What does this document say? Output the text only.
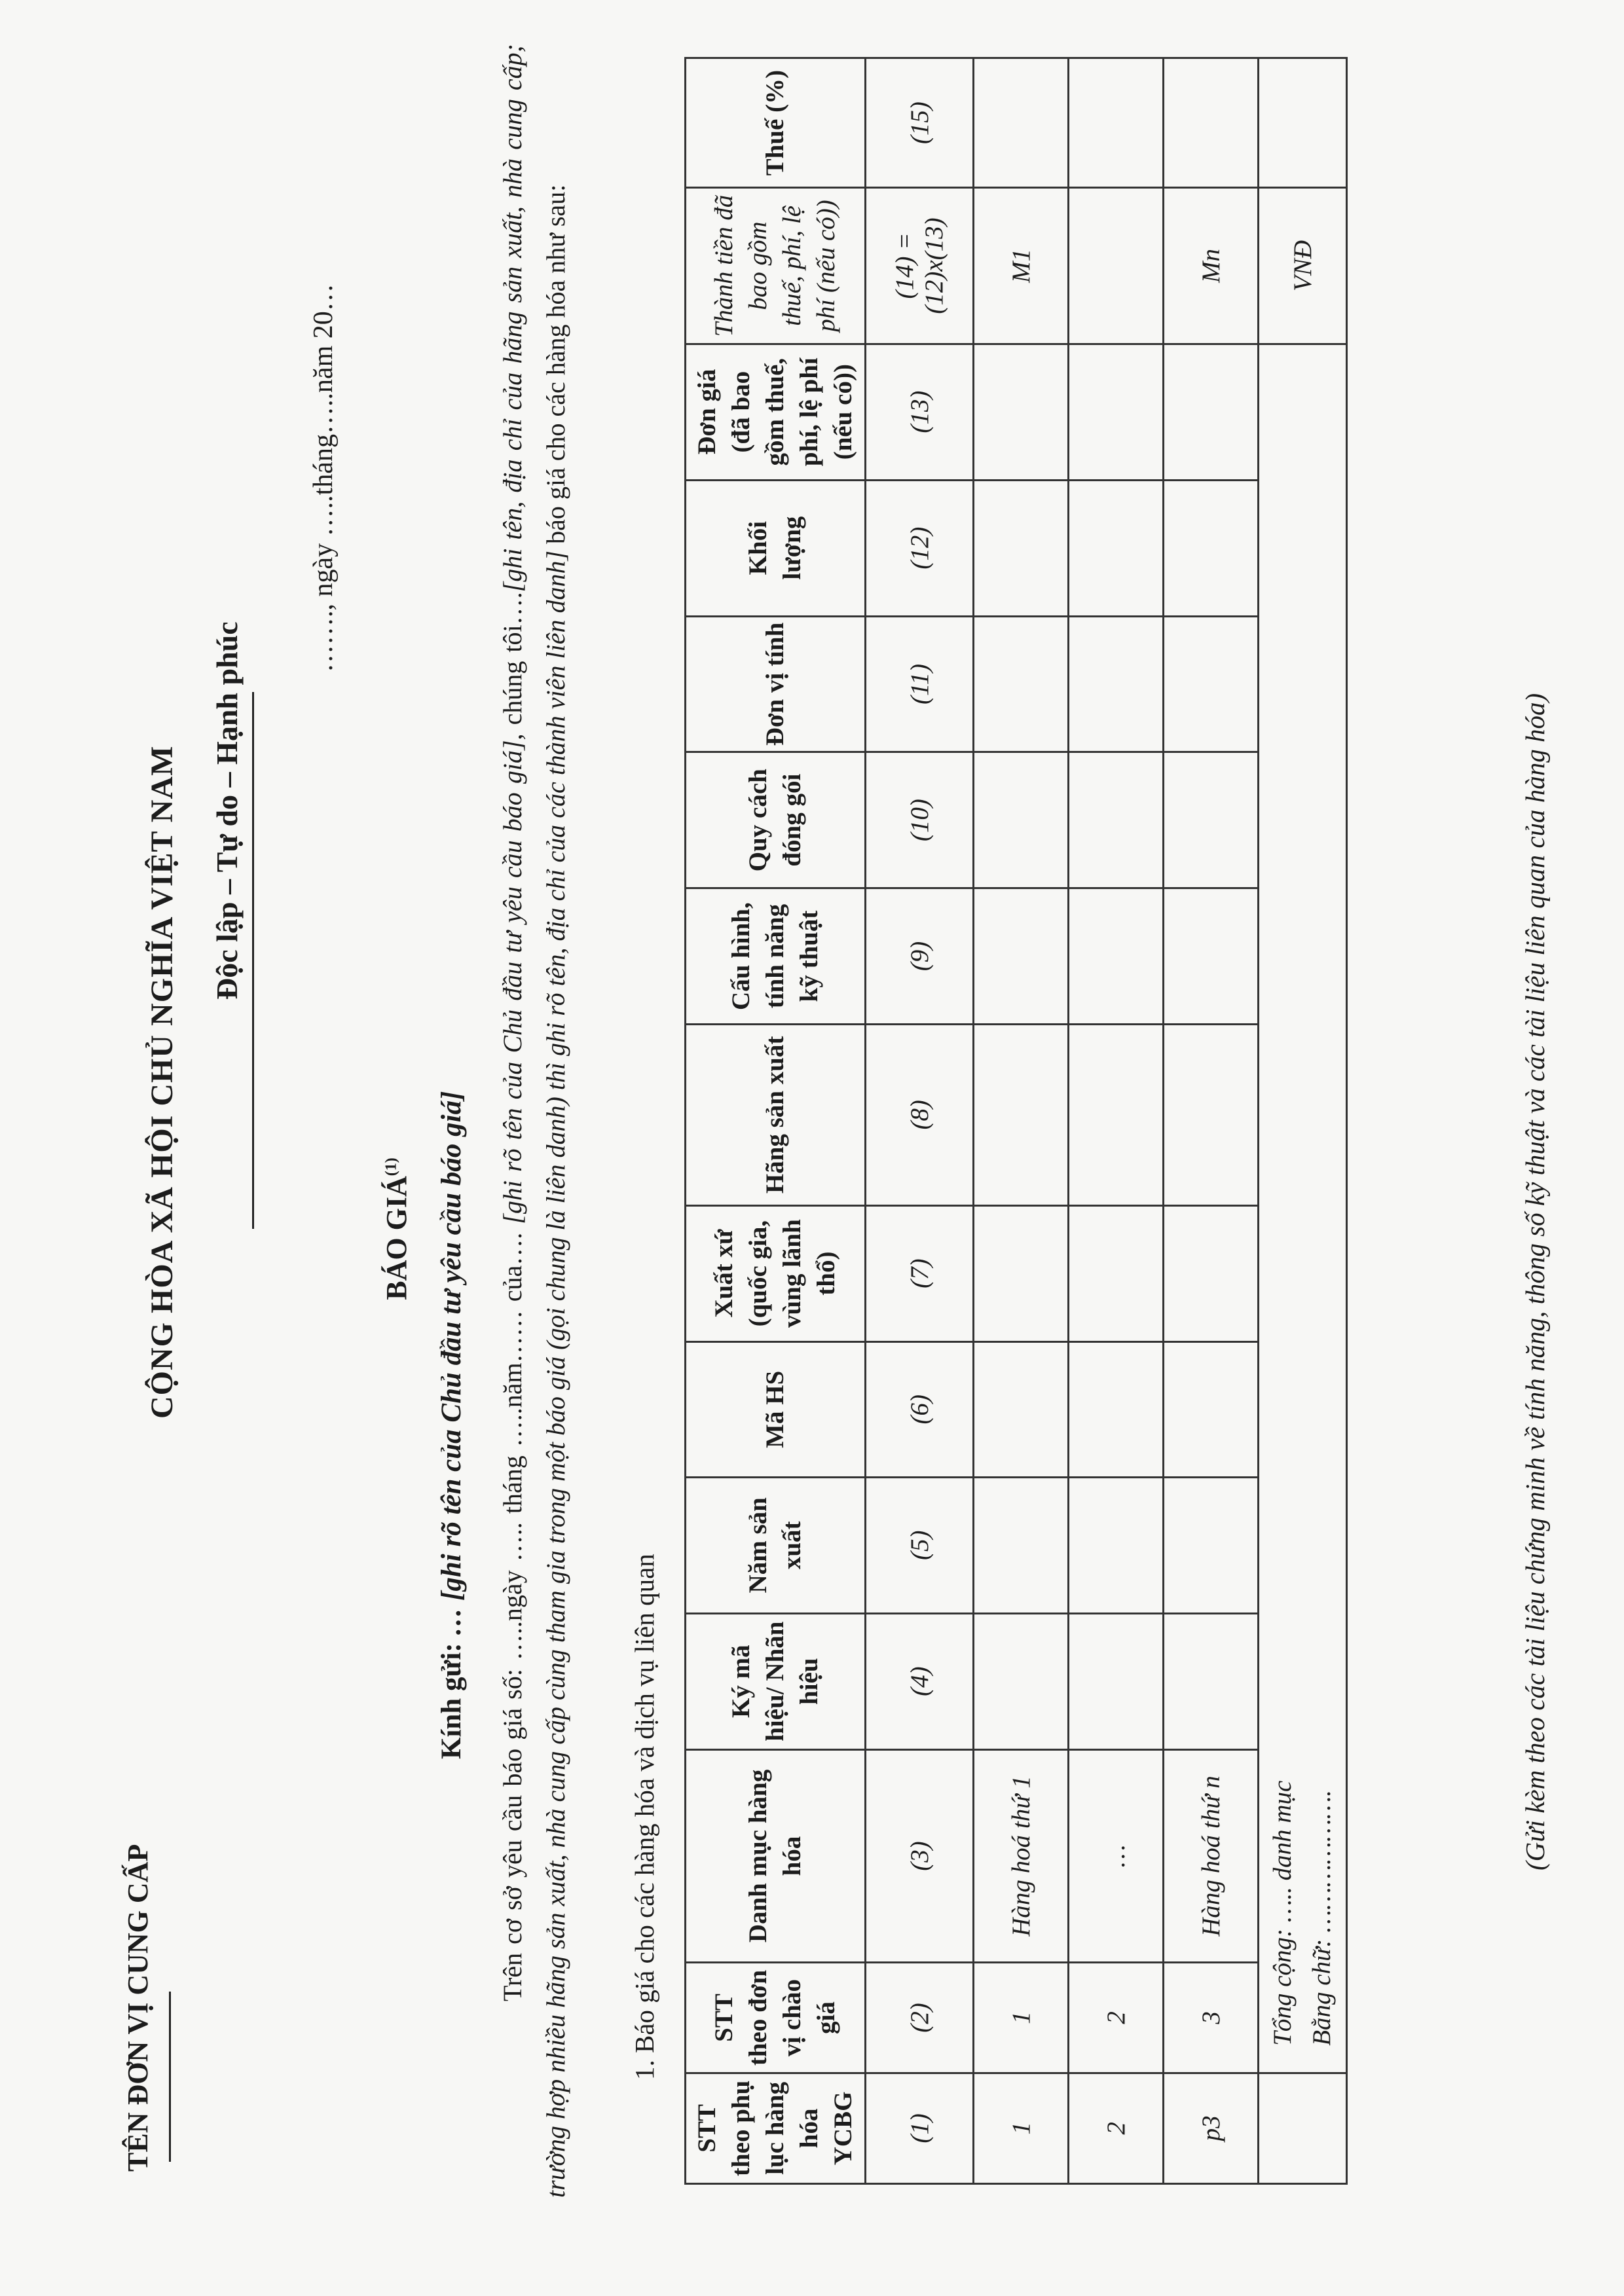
TÊN ĐƠN VỊ CUNG CẤP
CỘNG HÒA XÃ HỘI CHỦ NGHĨA VIỆT NAM Độc lập – Tự do – Hạnh phúc
……., ngày …..tháng…..năm 20…
BÁO GIÁ$^{(1)}$
Kính gửi: … [ghi rõ tên của Chủ đầu tư yêu cầu báo giá] Trên cơ sở yêu cầu báo giá số: …..ngày ….. tháng …..năm…… của…. [ghi rõ tên của Chủ đầu tư yêu cầu báo giá], chúng tôi….[ghi tên, địa chỉ của hãng sản xuất, nhà cung cấp; trường hợp nhiều hãng sản xuất, nhà cung cấp cùng tham gia trong một báo giá (gọi chung là liên danh) thì ghi rõ tên, địa chỉ của các thành viên liên danh] báo giá cho các hàng hóa như sau:
1. Báo giá cho các hàng hóa và dịch vụ liên quan
STT theo phụ lục hàng hóa YCBG	STT theo đơn vị chào giá	Danh mục hàng hóa	Ký mã hiệu/ Nhãn hiệu	Năm sản xuất	Mã HS	Xuất xứ (quốc gia, vùng lãnh thổ)	Hãng sản xuất	Cấu hình, tính năng kỹ thuật	Quy cách đóng gói	Đơn vị tính	Khối lượng	Đơn giá (đã bao gồm thuế, phí, lệ phí (nếu có))	Thành tiền đã bao gồm thuế, phí, lệ phí (nếu có))	Thuế (%)
(1)	(2)	(3)	(4)	(5)	(6)	(7)	(8)	(9)	(10)	(11)	(12)	(13)	(14) =(12)x(13)	(15)
1	1	Hàng hoá thứ 1											M1	
2	2	…												
p3	3	Hàng hoá thứ n											Mn	

	Tổng cộng: ….. danh mục Bằng chữ: ……………….												VNĐ	
(Gửi kèm theo các tài liệu chứng minh về tính năng, thông số kỹ thuật và các tài liệu liên quan của hàng hóa)
